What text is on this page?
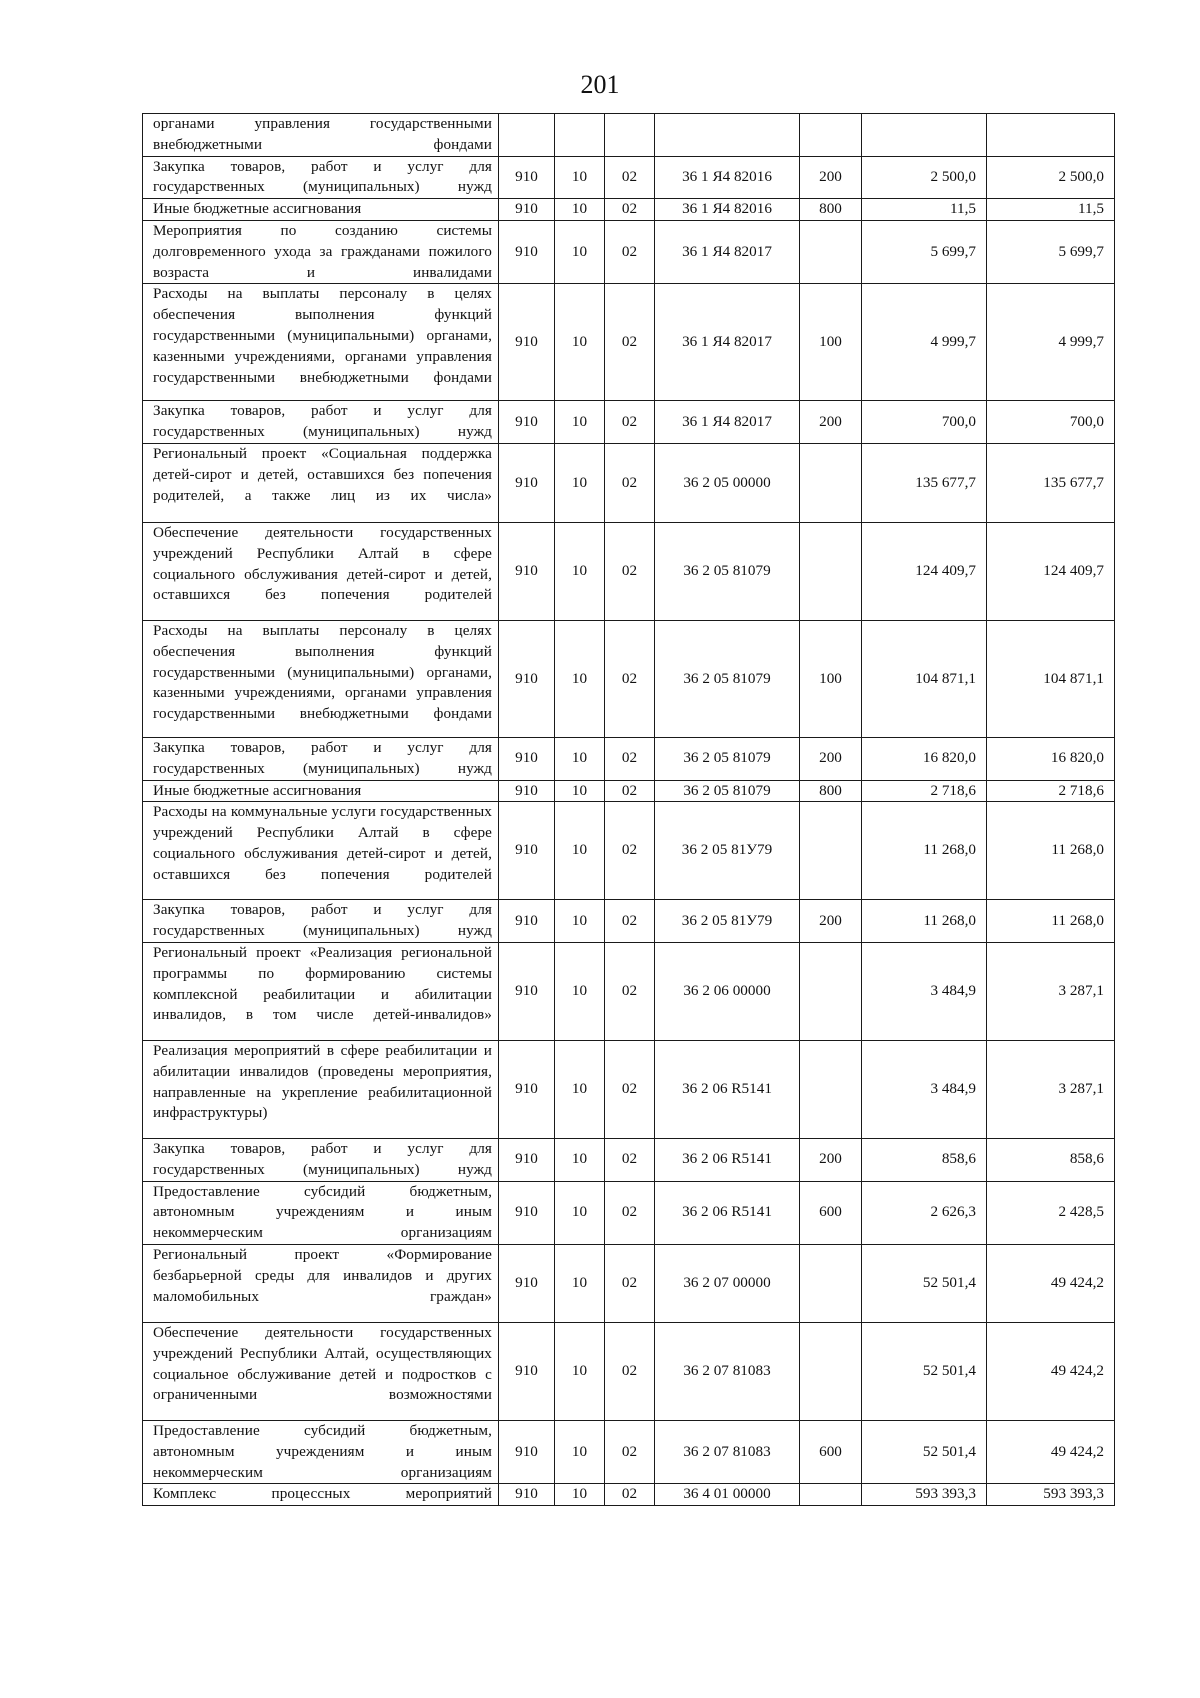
201
органами управления государственными внебюджетными фондами							
Закупка товаров, работ и услуг для государственных (муниципальных) нужд	910	10	02	36 1 Я4 82016	200	2 500,0	2 500,0
Иные бюджетные ассигнования	910	10	02	36 1 Я4 82016	800	11,5	11,5
Мероприятия по созданию системы долговременного ухода за гражданами пожилого возраста и инвалидами	910	10	02	36 1 Я4 82017		5 699,7	5 699,7
Расходы на выплаты персоналу в целях обеспечения выполнения функций государственными (муниципальными) органами, казенными учреждениями, органами управления государственными внебюджетными фондами	910	10	02	36 1 Я4 82017	100	4 999,7	4 999,7
Закупка товаров, работ и услуг для государственных (муниципальных) нужд	910	10	02	36 1 Я4 82017	200	700,0	700,0
Региональный проект «Социальная поддержка детей-сирот и детей, оставшихся без попечения родителей, а также лиц из их числа»	910	10	02	36 2 05 00000		135 677,7	135 677,7
Обеспечение деятельности государственных учреждений Республики Алтай в сфере социального обслуживания детей-сирот и детей, оставшихся без попечения родителей	910	10	02	36 2 05 81079		124 409,7	124 409,7
Расходы на выплаты персоналу в целях обеспечения выполнения функций государственными (муниципальными) органами, казенными учреждениями, органами управления государственными внебюджетными фондами	910	10	02	36 2 05 81079	100	104 871,1	104 871,1
Закупка товаров, работ и услуг для государственных (муниципальных) нужд	910	10	02	36 2 05 81079	200	16 820,0	16 820,0
Иные бюджетные ассигнования	910	10	02	36 2 05 81079	800	2 718,6	2 718,6
Расходы на коммунальные услуги государственных учреждений Республики Алтай в сфере социального обслуживания детей-сирот и детей, оставшихся без попечения родителей	910	10	02	36 2 05 81У79		11 268,0	11 268,0
Закупка товаров, работ и услуг для государственных (муниципальных) нужд	910	10	02	36 2 05 81У79	200	11 268,0	11 268,0
Региональный проект «Реализация региональной программы по формированию системы комплексной реабилитации и абилитации инвалидов, в том числе детей-инвалидов»	910	10	02	36 2 06 00000		3 484,9	3 287,1
Реализация мероприятий в сфере реабилитации и абилитации инвалидов (проведены мероприятия, направленные на укрепление реабилитационной инфраструктуры)	910	10	02	36 2 06 R5141		3 484,9	3 287,1
Закупка товаров, работ и услуг для государственных (муниципальных) нужд	910	10	02	36 2 06 R5141	200	858,6	858,6
Предоставление субсидий бюджетным, автономным учреждениям и иным некоммерческим организациям	910	10	02	36 2 06 R5141	600	2 626,3	2 428,5
Региональный проект «Формирование безбарьерной среды для инвалидов и других маломобильных граждан»	910	10	02	36 2 07 00000		52 501,4	49 424,2
Обеспечение деятельности государственных учреждений Республики Алтай, осуществляющих социальное обслуживание детей и подростков с ограниченными возможностями	910	10	02	36 2 07 81083		52 501,4	49 424,2
Предоставление субсидий бюджетным, автономным учреждениям и иным некоммерческим организациям	910	10	02	36 2 07 81083	600	52 501,4	49 424,2
Комплекс процессных мероприятий	910	10	02	36 4 01 00000		593 393,3	593 393,3
